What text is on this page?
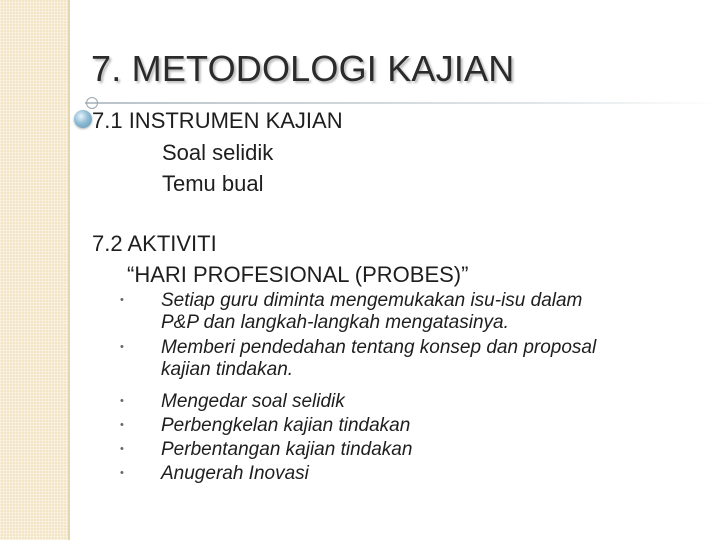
7. METODOLOGI KAJIAN
7.1 INSTRUMEN KAJIAN
Soal selidik
Temu bual
7.2 AKTIVITI
“HARI PROFESIONAL (PROBES)”
•	Setiap guru diminta mengemukakan isu-isu dalam
P&P dan langkah-langkah mengatasinya.
•	Memberi pendedahan tentang konsep dan proposal
kajian tindakan.
•	Mengedar soal selidik
•	Perbengkelan kajian tindakan
•	Perbentangan kajian tindakan
•	Anugerah Inovasi
